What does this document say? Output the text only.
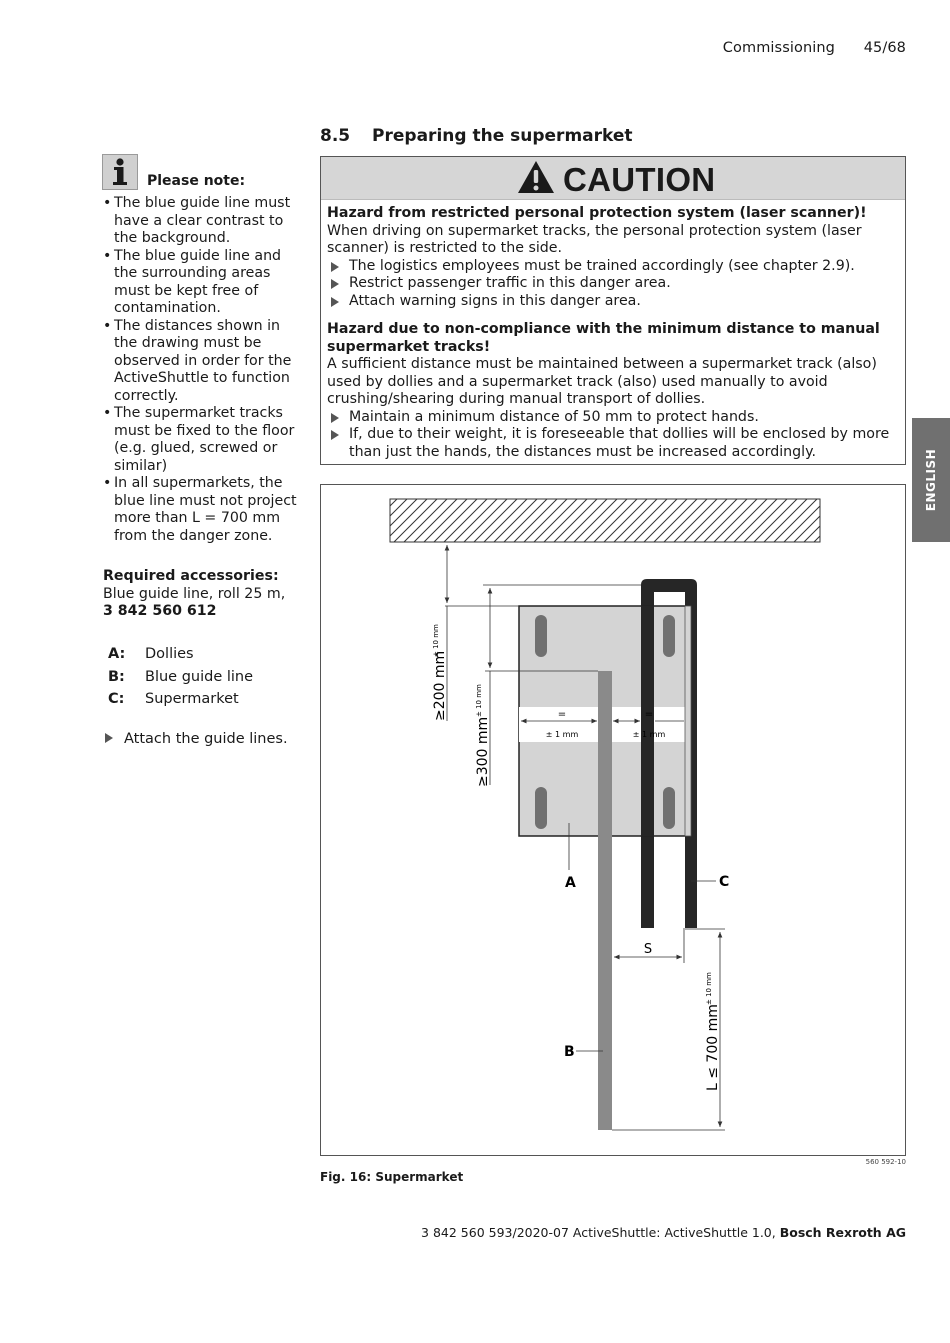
Commissioning 45/68
8.5 Preparing the supermarket
Please note:
• The blue guide line must have a clear contrast to the background.
• The blue guide line and the surrounding areas must be kept free of contamination.
• The distances shown in the drawing must be observed in order for the ActiveShuttle to function correctly.
• The supermarket tracks must be fixed to the floor (e.g. glued, screwed or similar)
• In all supermarkets, the blue line must not project more than L = 700 mm from the danger zone.
Required accessories:
Blue guide line, roll 25 m,
3 842 560 612
A:	Dollies
B:	Blue guide line
C:	Supermarket
Attach the guide lines.
CAUTION
Hazard from restricted personal protection system (laser scanner)!
When driving on supermarket tracks, the personal protection system (laser scanner) is restricted to the side.
The logistics employees must be trained accordingly (see chapter 2.9).
Restrict passenger traffic in this danger area.
Attach warning signs in this danger area.
Hazard due to non-compliance with the minimum distance to manual supermarket tracks!
A sufficient distance must be maintained between a supermarket track (also) used by dollies and a supermarket track (also) used manually to avoid crushing/shearing during manual transport of dollies.
Maintain a minimum distance of 50 mm to protect hands.
If, due to their weight, it is foreseeable that dollies will be enclosed by more than just the hands, the distances must be increased accordingly.
=	=
± 1 mm	± 1 mm
≥200 mm
± 10 mm
≥300 mm
± 10 mm
S
L ≤ 700 mm
± 10 mm
A
B
C
560 592-10
Fig. 16: Supermarket
3 842 560 593/2020-07 ActiveShuttle: ActiveShuttle 1.0, Bosch Rexroth AG
ENGLISH
